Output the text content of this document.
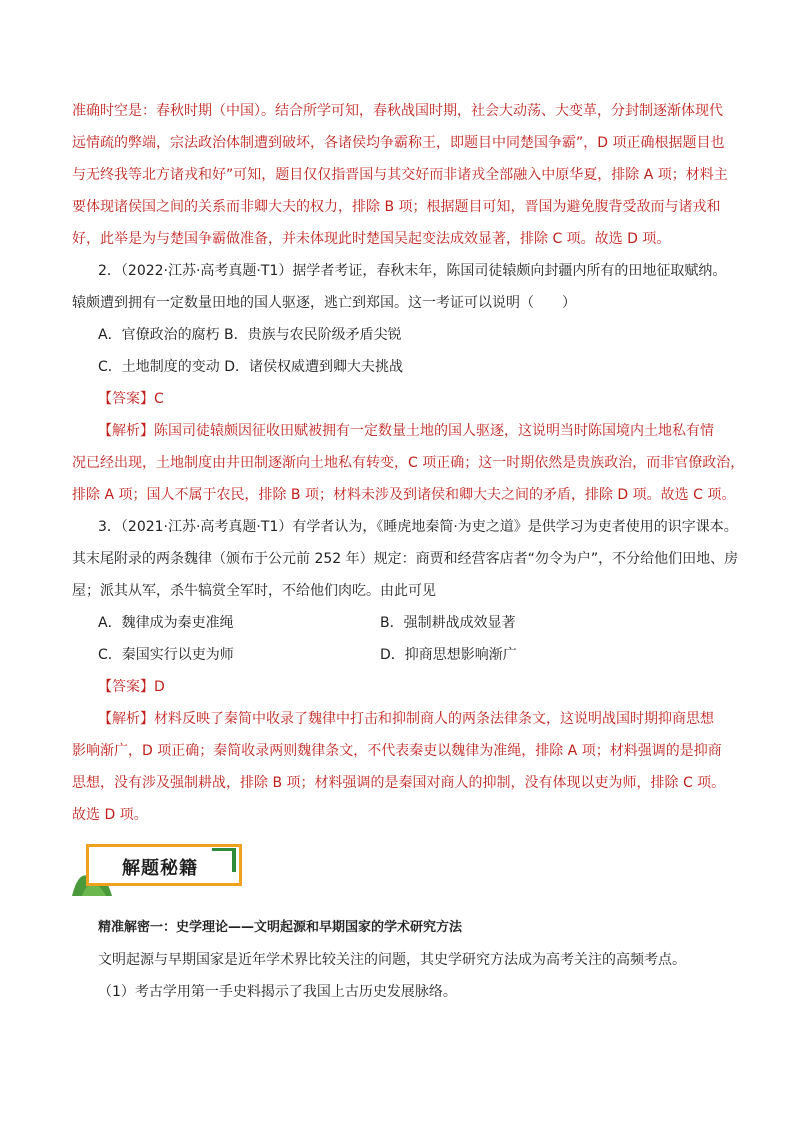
准确时空是：春秋时期（中国）。结合所学可知，春秋战国时期，社会大动荡、大变革，分封制逐渐体现代
远情疏的弊端，宗法政治体制遭到破坏，各诸侯均争霸称王，即题目中同楚国争霸”，D 项正确根据题目也
与无终我等北方诸戎和好”可知，题目仅仅指晋国与其交好而非诸戎全部融入中原华夏，排除 A 项；材料主
要体现诸侯国之间的关系而非卿大夫的权力，排除 B 项；根据题目可知，晋国为避免腹背受敌而与诸戎和
好，此举是为与楚国争霸做准备，并未体现此时楚国吴起变法成效显著，排除 C 项。故选 D 项。
2．（2022·江苏·高考真题·T1）据学者考证，春秋末年，陈国司徒辕颇向封疆内所有的田地征取赋纳。
辕颇遭到拥有一定数量田地的国人驱逐，逃亡到郑国。这一考证可以说明（　　）
A．官僚政治的腐朽 B．贵族与农民阶级矛盾尖锐
C．土地制度的变动 D．诸侯权威遭到卿大夫挑战
【答案】C
【解析】陈国司徒辕颇因征收田赋被拥有一定数量土地的国人驱逐，这说明当时陈国境内土地私有情
况已经出现，土地制度由井田制逐渐向土地私有转变，C 项正确；这一时期依然是贵族政治，而非官僚政治，
排除 A 项；国人不属于农民，排除 B 项；材料未涉及到诸侯和卿大夫之间的矛盾，排除 D 项。故选 C 项。
3．（2021·江苏·高考真题·T1）有学者认为，《睡虎地秦简·为吏之道》是供学习为吏者使用的识字课本。
其末尾附录的两条魏律（颁布于公元前 252 年）规定：商贾和经营客店者“勿令为户”，不分给他们田地、房
屋；派其从军，杀牛犒赏全军时，不给他们肉吃。由此可见
A．魏律成为秦吏准绳	B．强制耕战成效显著
C．秦国实行以吏为师	D．抑商思想影响渐广
【答案】D
【解析】材料反映了秦简中收录了魏律中打击和抑制商人的两条法律条文，这说明战国时期抑商思想
影响渐广，D 项正确；秦简收录两则魏律条文，不代表秦吏以魏律为准绳，排除 A 项；材料强调的是抑商
思想，没有涉及强制耕战，排除 B 项；材料强调的是秦国对商人的抑制，没有体现以吏为师，排除 C 项。
故选 D 项。
解题秘籍
精准解密一：史学理论——文明起源和早期国家的学术研究方法
文明起源与早期国家是近年学术界比较关注的问题，其史学研究方法成为高考关注的高频考点。
（1）考古学用第一手史料揭示了我国上古历史发展脉络。
